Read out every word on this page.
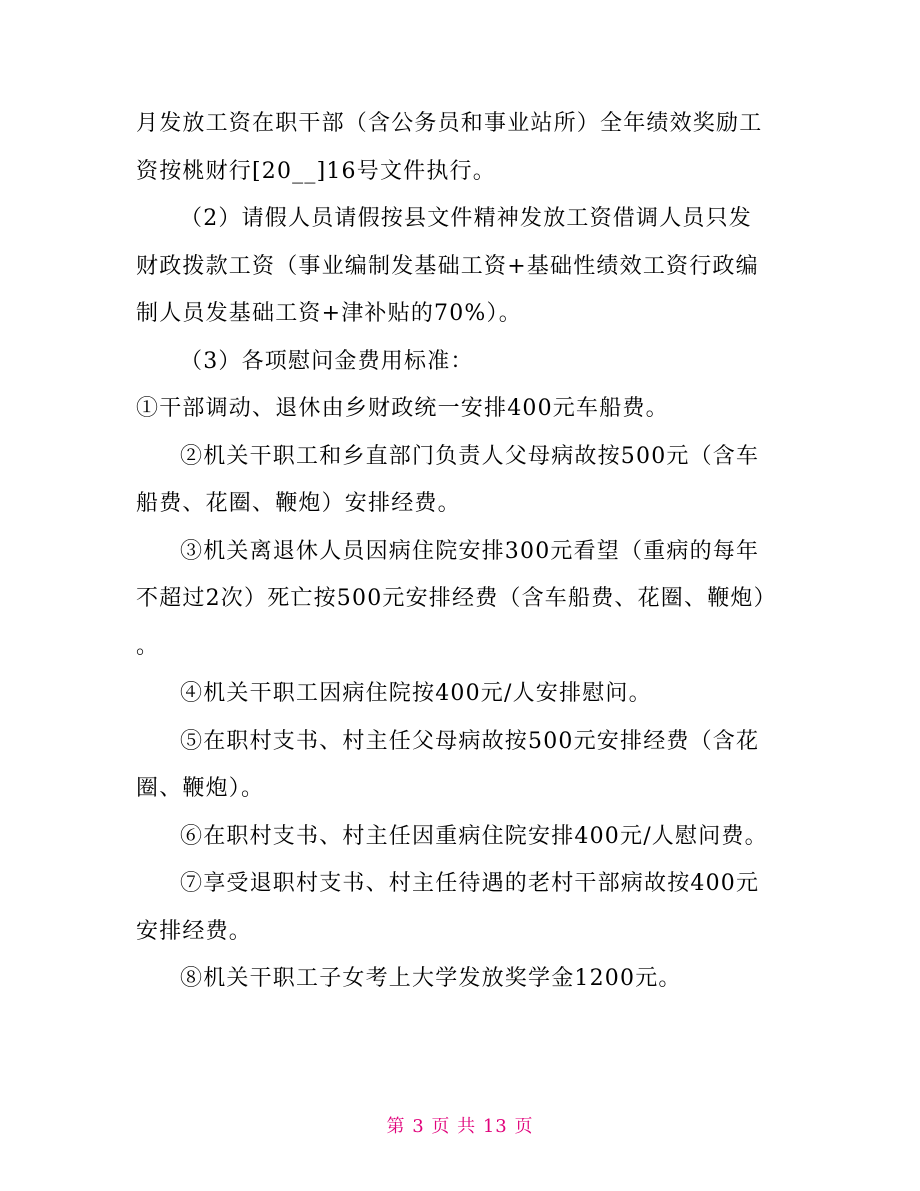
月发放工资在职干部（含公务员和事业站所）全年绩效奖励工
资按桃财行[20__]16号文件执行。
（2）请假人员请假按县文件精神发放工资借调人员只发
财政拨款工资（事业编制发基础工资+基础性绩效工资行政编
制人员发基础工资+津补贴的70%）。
（3）各项慰问金费用标准：
①干部调动、退休由乡财政统一安排400元车船费。
②机关干职工和乡直部门负责人父母病故按500元（含车
船费、花圈、鞭炮）安排经费。
③机关离退休人员因病住院安排300元看望（重病的每年
不超过2次）死亡按500元安排经费（含车船费、花圈、鞭炮）
。
④机关干职工因病住院按400元/人安排慰问。
⑤在职村支书、村主任父母病故按500元安排经费（含花
圈、鞭炮）。
⑥在职村支书、村主任因重病住院安排400元/人慰问费。
⑦享受退职村支书、村主任待遇的老村干部病故按400元
安排经费。
⑧机关干职工子女考上大学发放奖学金1200元。
第 3 页 共 13 页
